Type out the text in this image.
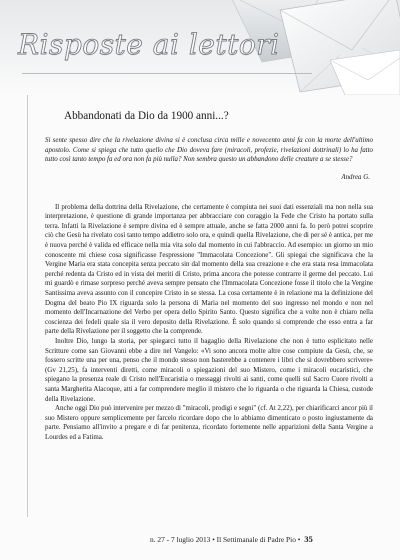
Risposte ai lettori
Abbandonati da Dio da 1900 anni...?

Si sente spesso dire che la rivelazione divina si è conclusa circa mille e novecento anni fa con la morte dell'ultimo apostolo. Come si spiega che tutto quello che Dio doveva fare (miracoli, profezie, rivelazioni dottrinali) lo ha fatto tutto così tanto tempo fa ed ora non fa più nulla? Non sembra questo un abbandono delle creature a se stesse?

Andrea G.

Il problema della dottrina della Rivelazione, che certamente è compiuta nei suoi dati essenziali ma non nella sua interpretazione, è questione di grande importanza per abbracciare con coraggio la Fede che Cristo ha portato sulla terra. Infatti la Rivelazione è sempre divina ed è sempre attuale, anche se fatta 2000 anni fa. Io però potrei scoprire ciò che Gesù ha rivelato così tanto tempo addietro solo ora, e quindi quella Rivelazione, che di per sé è antica, per me è nuova perché è valida ed efficace nella mia vita solo dal momento in cui l'abbraccio. Ad esempio: un giorno un mio conoscente mi chiese cosa significasse l'espressione "Immacolata Concezione". Gli spiegai che significava che la Vergine Maria era stata concepita senza peccato sin dal momento della sua creazione e che era stata resa immacolata perché redenta da Cristo ed in vista dei meriti di Cristo, prima ancora che potesse contrarre il germe del peccato. Lui mi guardò e rimase sorpreso perché aveva sempre pensato che l'Immacolata Concezione fosse il titolo che la Vergine Santissima aveva assunto con il concepire Cristo in se stessa. La cosa certamente è in relazione ma la definizione del Dogma del beato Pio IX riguarda solo la persona di Maria nel momento del suo ingresso nel mondo e non nel momento dell'Incarnazione del Verbo per opera dello Spirito Santo. Questo significa che a volte non è chiaro nella coscienza dei fedeli quale sia il vero deposito della Rivelazione. È solo quando si comprende che esso entra a far parte della Rivelazione per il soggetto che la comprende.

Inoltre Dio, lungo la storia, per spiegarci tutto il bagaglio della Rivelazione che non è tutto esplicitato nelle Scritture come san Giovanni ebbe a dire nel Vangelo: «Vi sono ancora molte altre cose compiute da Gesù, che, se fossero scritte una per una, penso che il mondo stesso non basterebbe a contenere i libri che si dovrebbero scrivere» (Gv 21,25), fa interventi diretti, come miracoli o spiegazioni del suo Mistero, come i miracoli eucaristici, che spiegano la presenza reale di Cristo nell'Eucaristia o messaggi rivolti ai santi, come quelli sul Sacro Cuore rivolti a santa Margherita Alacoque, atti a far comprendere meglio il mistero che lo riguarda o che riguarda la Chiesa, custode della Rivelazione.

Anche oggi Dio può intervenire per mezzo di "miracoli, prodigi e segni" (cf. At 2,22), per chiarificarci ancor più il suo Mistero oppure semplicemente per farcelo ricordare dopo che lo abbiamo dimenticato o posto ingiustamente da parte. Pensiamo all'invito a pregare e di far penitenza, ricordato fortemente nelle apparizioni della Santa Vergine a Lourdes ed a Fatima.

n. 27 - 7 luglio 2013 • Il Settimanale di Padre Pio • 35
